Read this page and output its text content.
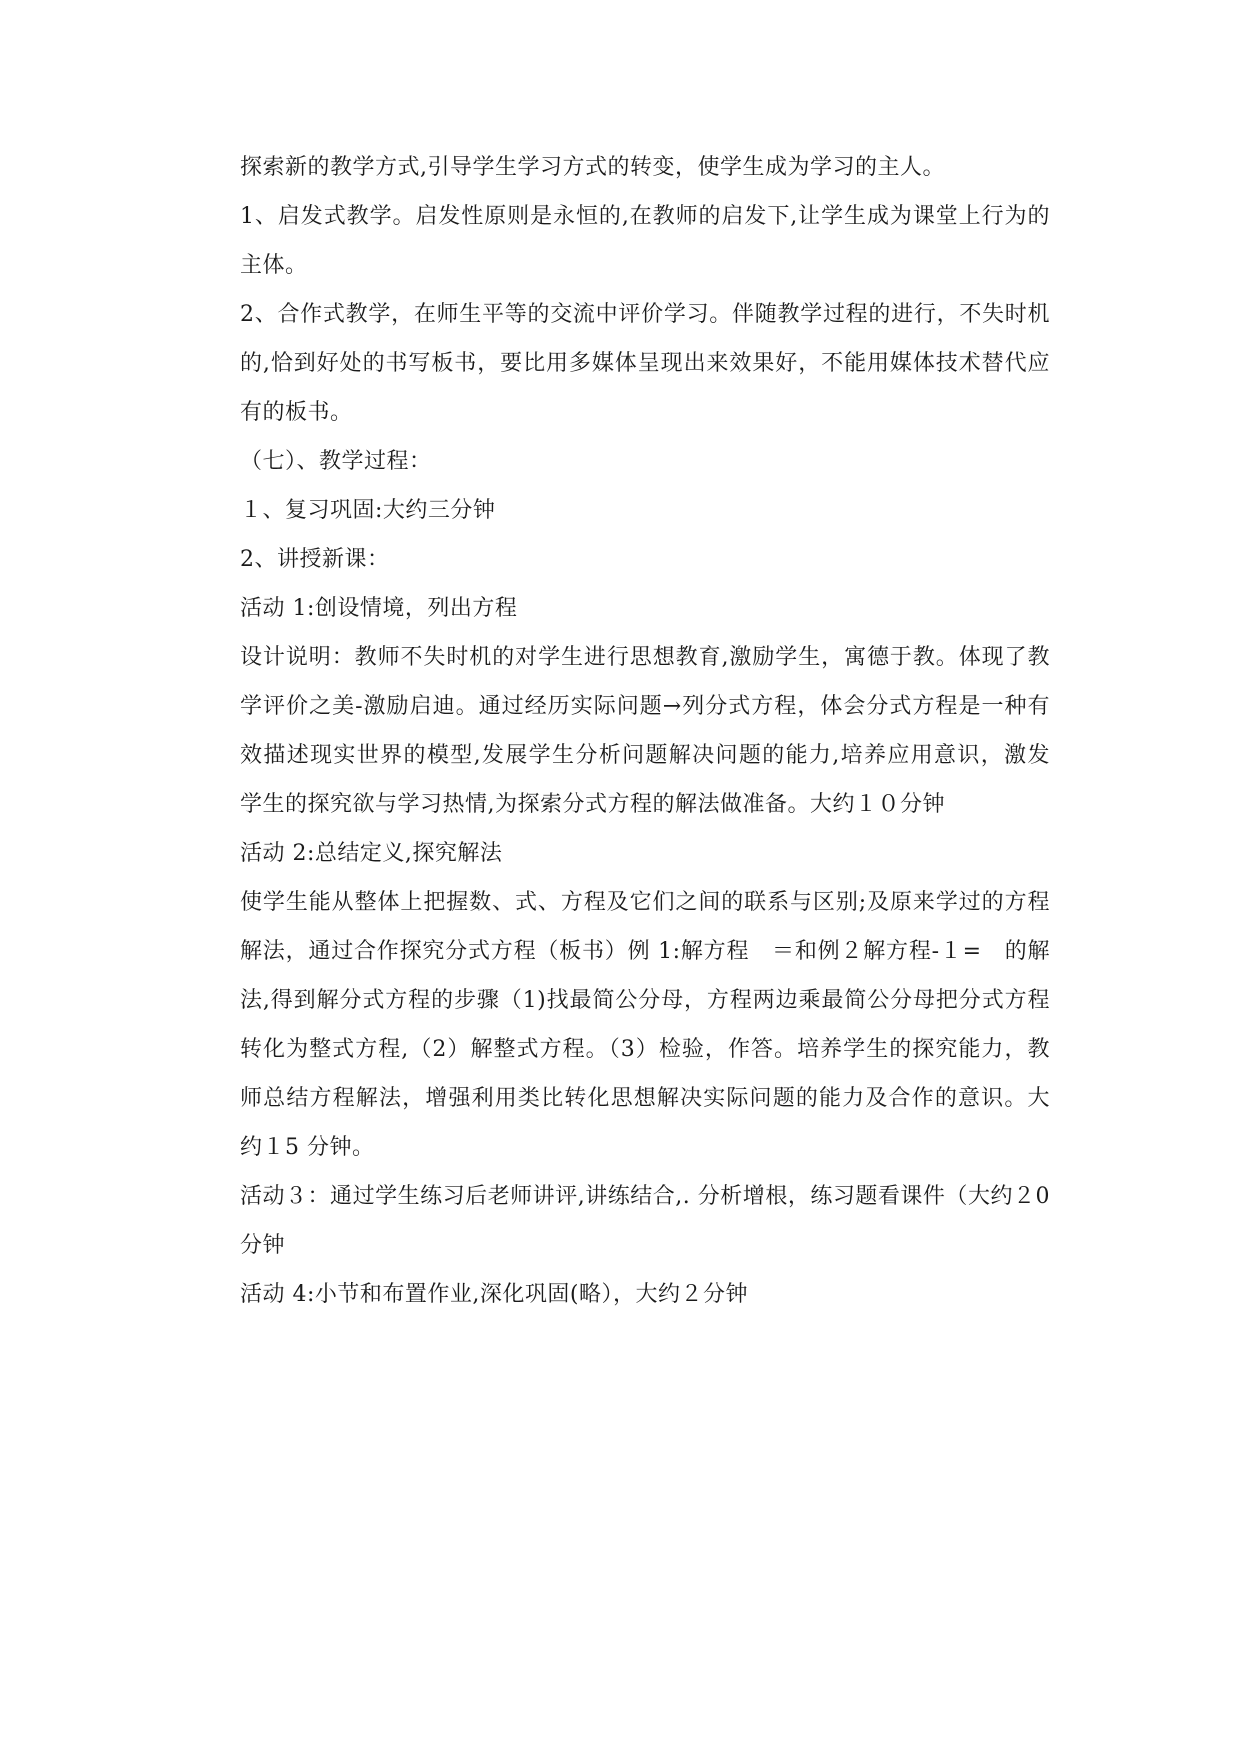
探索新的教学方式,引导学生学习方式的转变，使学生成为学习的主人。
1、启发式教学。启发性原则是永恒的,在教师的启发下,让学生成为课堂上行为的
主体。
2、合作式教学，在师生平等的交流中评价学习。伴随教学过程的进行，不失时机
的,恰到好处的书写板书，要比用多媒体呈现出来效果好，不能用媒体技术替代应
有的板书。
（七）、教学过程：
１、复习巩固:大约三分钟
2、讲授新课：
活动 1:创设情境，列出方程
设计说明：教师不失时机的对学生进行思想教育,激励学生，寓德于教。体现了教
学评价之美-激励启迪。通过经历实际问题→列分式方程，体会分式方程是一种有
效描述现实世界的模型,发展学生分析问题解决问题的能力,培养应用意识，激发
学生的探究欲与学习热情,为探索分式方程的解法做准备。大约１０分钟
活动 2:总结定义,探究解法
使学生能从整体上把握数、式、方程及它们之间的联系与区别;及原来学过的方程
解法，通过合作探究分式方程（板书）例 1:解方程　＝和例２解方程-１=　的解
法,得到解分式方程的步骤（1)找最简公分母，方程两边乘最简公分母把分式方程
转化为整式方程,（2）解整式方程。（3）检验，作答。培养学生的探究能力，教
师总结方程解法，增强利用类比转化思想解决实际问题的能力及合作的意识。大
约１5 分钟。
活动３：通过学生练习后老师讲评,讲练结合,. 分析增根，练习题看课件（大约２0
分钟
活动 4:小节和布置作业,深化巩固(略），大约２分钟
